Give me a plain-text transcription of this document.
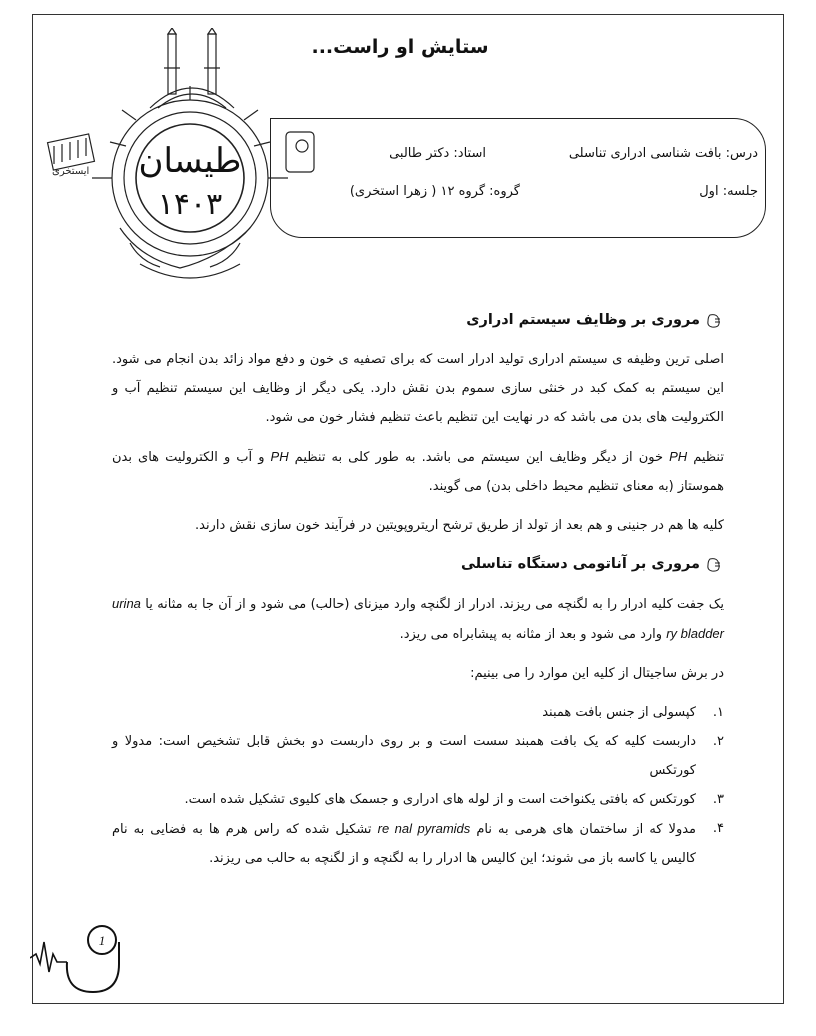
ستایش او راست...
درس: بافت شناسی ادراری تناسلی
استاد: دکتر طالبی
جلسه: اول
گروه: گروه ۱۲ ( زهرا استخری)
ایستخری طیسان
۱۴۰۳
مروری بر وظایف سیستم ادراری

اصلی ترین وظیفه ی سیستم ادراری تولید ادرار است که برای تصفیه ی خون و دفع مواد زائد بدن انجام می شود. این سیستم به کمک کبد در خنثی سازی سموم بدن نقش دارد. یکی دیگر از وظایف این سیستم تنظیم آب و الکترولیت های بدن می باشد که در نهایت این تنظیم باعث تنظیم فشار خون می شود.

تنظیم PH خون از دیگر وظایف این سیستم می باشد. به طور کلی به تنظیم PH و آب و الکترولیت های بدن هموستاز (به معنای تنظیم محیط داخلی بدن) می گویند.

کلیه ها هم در جنینی و هم بعد از تولد از طریق ترشح اریتروپویتین در فرآیند خون سازی نقش دارند.

مروری بر آناتومی دستگاه تناسلی

یک جفت کلیه ادرار را به لگنچه می ریزند. ادرار از لگنچه وارد میزنای (حالب) می شود و از آن جا به مثانه یا urina ry bladder وارد می شود و بعد از مثانه به پیشابراه می ریزد.

در برش ساجیتال از کلیه این موارد را می بینیم:

۱.
کپسولی از جنس بافت همبند
۲.
داربست کلیه که یک بافت همبند سست است و بر روی داربست دو بخش قابل تشخیص است: مدولا و کورتکس
۳.
کورتکس که بافتی یکنواخت است و از لوله های ادراری و جسمک های کلیوی تشکیل شده است.
۴.
مدولا که از ساختمان های هرمی به نام re nal pyramids تشکیل شده که راس هرم ها به فضایی به نام کالیس یا کاسه باز می شوند؛ این کالیس ها ادرار را به لگنچه و از لگنچه به حالب می ریزند.
1
